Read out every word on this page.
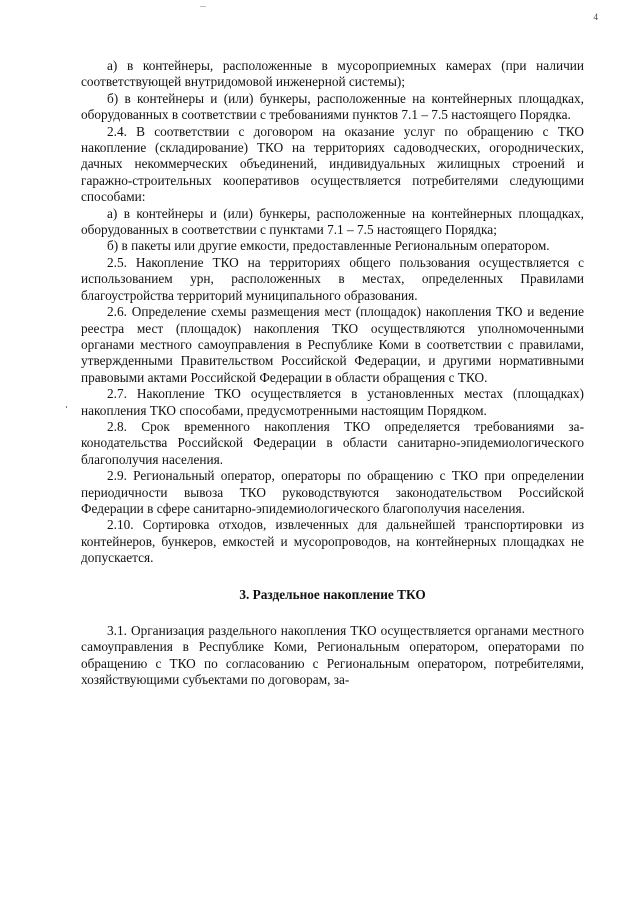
4

а) в контейнеры, расположенные в мусороприемных камерах (при наличии соответствующей внутридомовой инженерной системы);

б) в контейнеры и (или) бункеры, расположенные на контейнерных площадках, оборудованных в соответствии с требованиями пунктов 7.1 – 7.5 настоящего Порядка.

2.4. В соответствии с договором на оказание услуг по обращению с ТКО накопление (складирование) ТКО на территориях садоводческих, огороднических, дачных некоммерческих объединений, индивидуальных жилищных строений и гаражно-строительных кооперативов осуществляется потребителями следующими способами:

а) в контейнеры и (или) бункеры, расположенные на контейнерных площадках, оборудованных в соответствии с пунктами 7.1 – 7.5 настоящего Порядка;

б) в пакеты или другие емкости, предоставленные Региональным оператором.

2.5. Накопление ТКО на территориях общего пользования осуществляется с использованием урн, расположенных в местах, определенных Правилами благоустройства территорий муниципального образования.

2.6. Определение схемы размещения мест (площадок) накопления ТКО и ведение реестра мест (площадок) накопления ТКО осуществляются уполномоченными органами местного самоуправления в Республике Коми в соответствии с правилами, утвержденными Правительством Российской Федерации, и другими нормативными правовыми актами Российской Федерации в области обращения с ТКО.

2.7. Накопление ТКО осуществляется в установленных местах (площадках) накопления ТКО способами, предусмотренными настоящим Порядком.

2.8. Срок временного накопления ТКО определяется требованиями законодательства Российской Федерации в области санитарно-эпидемиологического благополучия населения.

2.9. Региональный оператор, операторы по обращению с ТКО при определении периодичности вывоза ТКО руководствуются законодательством Российской Федерации в сфере санитарно-эпидемиологического благополучия населения.

2.10. Сортировка отходов, извлеченных для дальнейшей транспортировки из контейнеров, бункеров, емкостей и мусоропроводов, на контейнерных площадках не допускается.

3. Раздельное накопление ТКО

3.1. Организация раздельного накопления ТКО осуществляется органами местного самоуправления в Республике Коми, Региональным оператором, операторами по обращению с ТКО по согласованию с Региональным оператором, потребителями, хозяйствующими субъектами по договорам, за-
